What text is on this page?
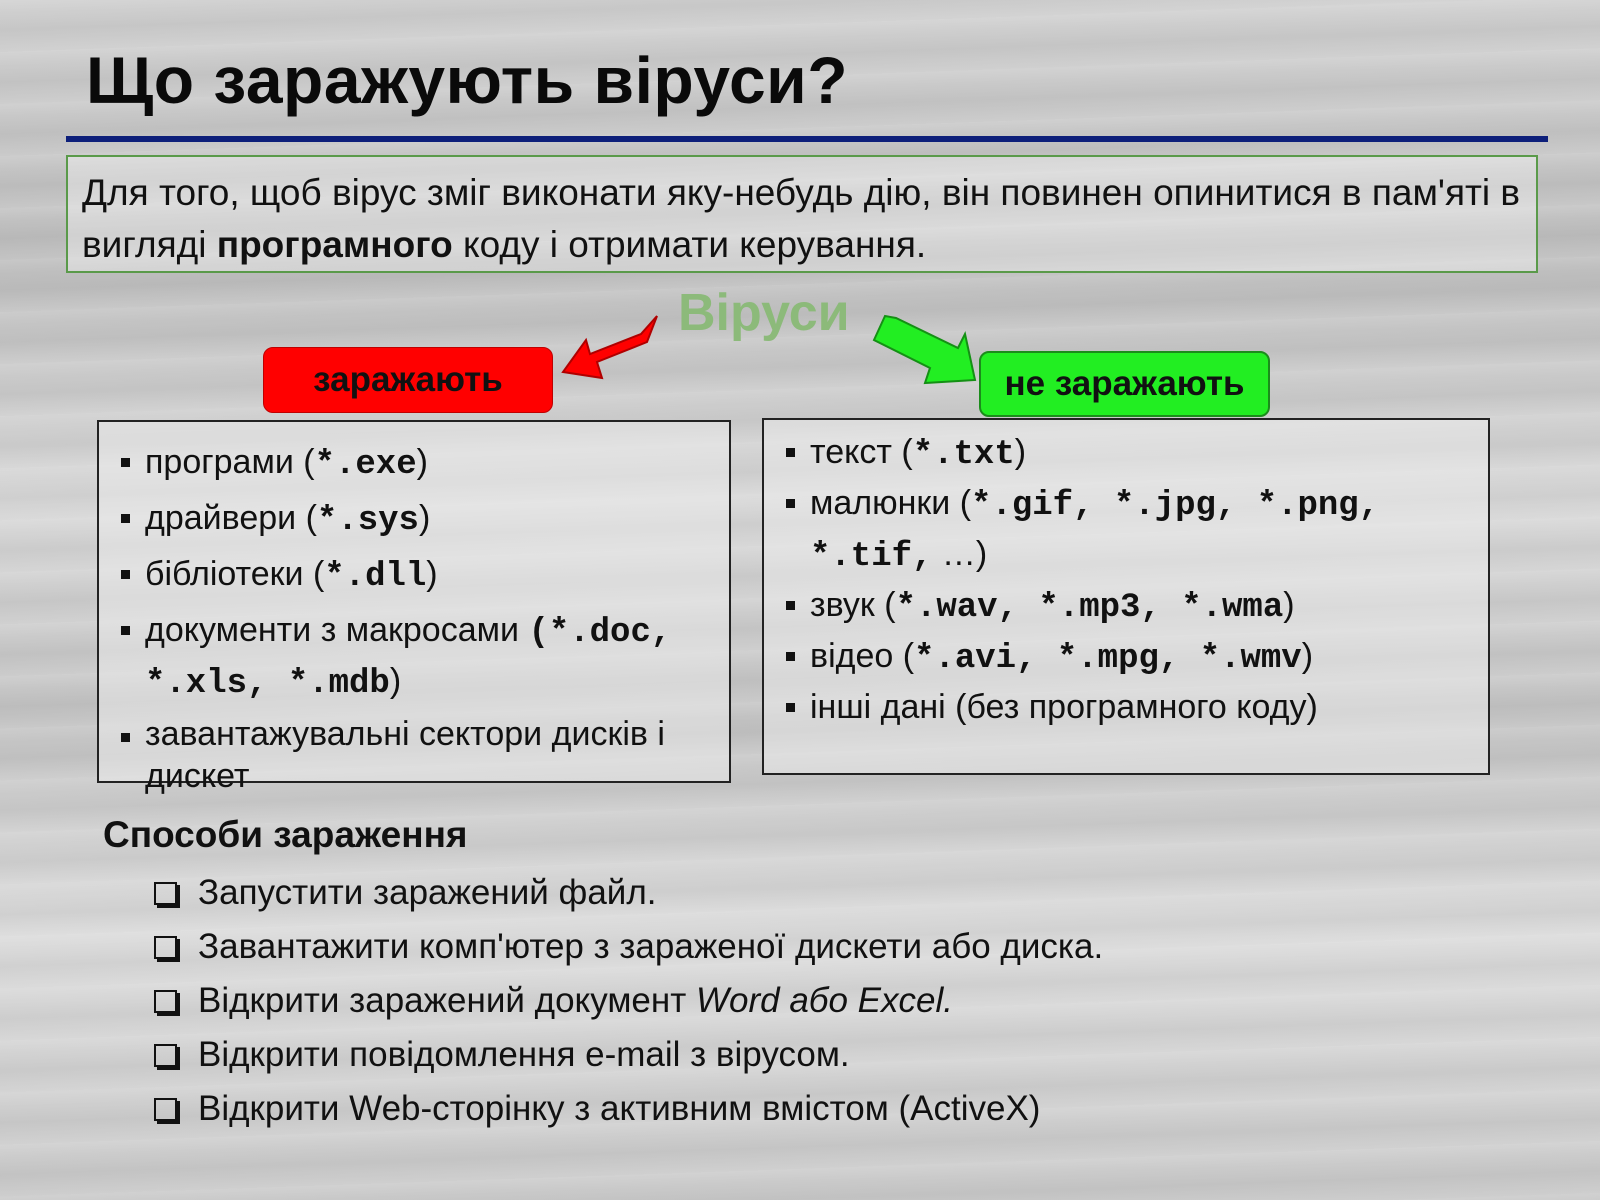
Що заражують віруси?
Для того, щоб вірус зміг виконати яку-небудь дію, він повинен опинитися в пам'яті в вигляді програмного коду і отримати керування.
Віруси
заражають	не заражають
програми (*.exe)
драйвери (*.sys)
бібліотеки (*.dll)
документи з макросами (*.doc, *.xls, *.mdb)
завантажувальні сектори дисків і дискет
текст (*.txt)
малюнки (*.gif, *.jpg, *.png, *.tif, …)
звук (*.wav, *.mp3, *.wma)
відео (*.avi, *.mpg, *.wmv)
інші дані (без програмного коду)
Способи зараження
Запустити заражений файл.
Завантажити комп'ютер з зараженої дискети або диска.
Відкрити заражений документ Word або Excel.
Відкрити повідомлення e-mail з вірусом.
Відкрити Web-сторінку з активним вмістом (ActiveX)
